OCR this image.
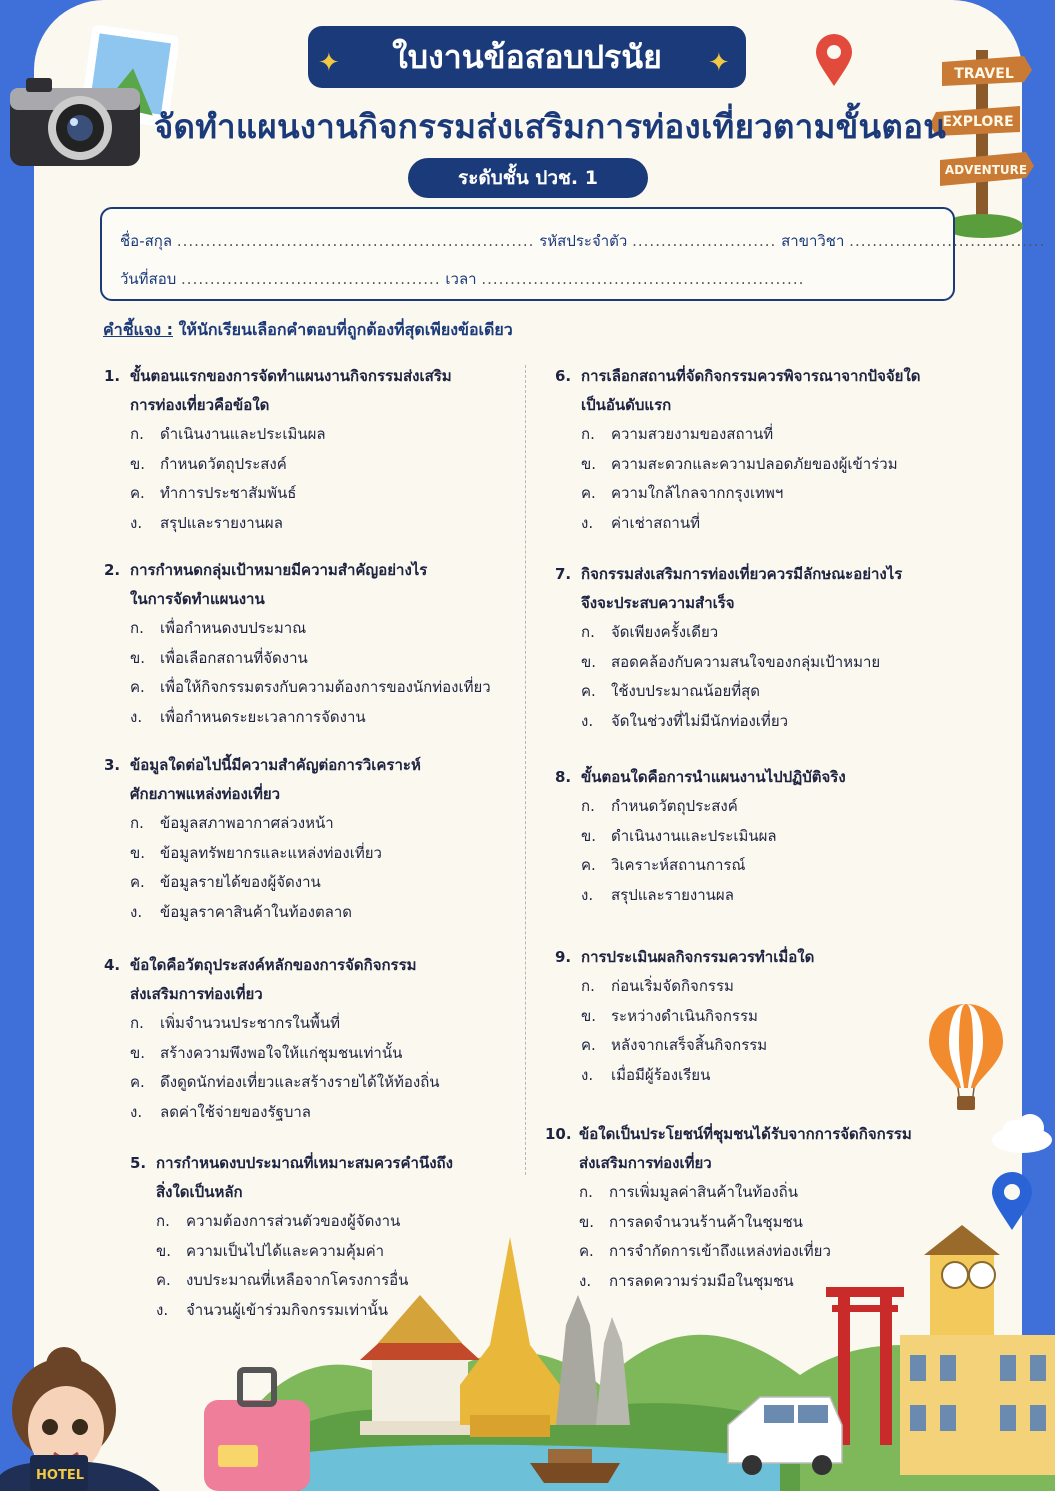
TRAVEL
EXPLORE
ADVENTURE
ใบงานข้อสอบปรนัย
✦	✦
จัดทำแผนงานกิจกรรมส่งเสริมการท่องเที่ยวตามขั้นตอน
ระดับชั้น ปวช. 1
ชื่อ-สกุล .............................................................. รหัสประจำตัว ......................... สาขาวิชา ..................................
วันที่สอบ ............................................. เวลา ........................................................
คำชี้แจง : ให้นักเรียนเลือกคำตอบที่ถูกต้องที่สุดเพียงข้อเดียว
1. ขั้นตอนแรกของการจัดทำแผนงานกิจกรรมส่งเสริม
การท่องเที่ยวคือข้อใด
ก. ดำเนินงานและประเมินผล
ข. กำหนดวัตถุประสงค์
ค. ทำการประชาสัมพันธ์
ง. สรุปและรายงานผล
2. การกำหนดกลุ่มเป้าหมายมีความสำคัญอย่างไร
ในการจัดทำแผนงาน
ก. เพื่อกำหนดงบประมาณ
ข. เพื่อเลือกสถานที่จัดงาน
ค. เพื่อให้กิจกรรมตรงกับความต้องการของนักท่องเที่ยว
ง. เพื่อกำหนดระยะเวลาการจัดงาน
3. ข้อมูลใดต่อไปนี้มีความสำคัญต่อการวิเคราะห์
ศักยภาพแหล่งท่องเที่ยว
ก. ข้อมูลสภาพอากาศล่วงหน้า
ข. ข้อมูลทรัพยากรและแหล่งท่องเที่ยว
ค. ข้อมูลรายได้ของผู้จัดงาน
ง. ข้อมูลราคาสินค้าในท้องตลาด
4. ข้อใดคือวัตถุประสงค์หลักของการจัดกิจกรรม
ส่งเสริมการท่องเที่ยว
ก. เพิ่มจำนวนประชากรในพื้นที่
ข. สร้างความพึงพอใจให้แก่ชุมชนเท่านั้น
ค. ดึงดูดนักท่องเที่ยวและสร้างรายได้ให้ท้องถิ่น
ง. ลดค่าใช้จ่ายของรัฐบาล
5. การกำหนดงบประมาณที่เหมาะสมควรคำนึงถึง
สิ่งใดเป็นหลัก
ก. ความต้องการส่วนตัวของผู้จัดงาน
ข. ความเป็นไปได้และความคุ้มค่า
ค. งบประมาณที่เหลือจากโครงการอื่น
ง. จำนวนผู้เข้าร่วมกิจกรรมเท่านั้น
6. การเลือกสถานที่จัดกิจกรรมควรพิจารณาจากปัจจัยใด
เป็นอันดับแรก
ก. ความสวยงามของสถานที่
ข. ความสะดวกและความปลอดภัยของผู้เข้าร่วม
ค. ความใกล้ไกลจากกรุงเทพฯ
ง. ค่าเช่าสถานที่
7. กิจกรรมส่งเสริมการท่องเที่ยวควรมีลักษณะอย่างไร
จึงจะประสบความสำเร็จ
ก. จัดเพียงครั้งเดียว
ข. สอดคล้องกับความสนใจของกลุ่มเป้าหมาย
ค. ใช้งบประมาณน้อยที่สุด
ง. จัดในช่วงที่ไม่มีนักท่องเที่ยว
8. ขั้นตอนใดคือการนำแผนงานไปปฏิบัติจริง
ก. กำหนดวัตถุประสงค์
ข. ดำเนินงานและประเมินผล
ค. วิเคราะห์สถานการณ์
ง. สรุปและรายงานผล
9. การประเมินผลกิจกรรมควรทำเมื่อใด
ก. ก่อนเริ่มจัดกิจกรรม
ข. ระหว่างดำเนินกิจกรรม
ค. หลังจากเสร็จสิ้นกิจกรรม
ง. เมื่อมีผู้ร้องเรียน
10. ข้อใดเป็นประโยชน์ที่ชุมชนได้รับจากการจัดกิจกรรม
ส่งเสริมการท่องเที่ยว
ก. การเพิ่มมูลค่าสินค้าในท้องถิ่น
ข. การลดจำนวนร้านค้าในชุมชน
ค. การจำกัดการเข้าถึงแหล่งท่องเที่ยว
ง. การลดความร่วมมือในชุมชน
HOTEL
